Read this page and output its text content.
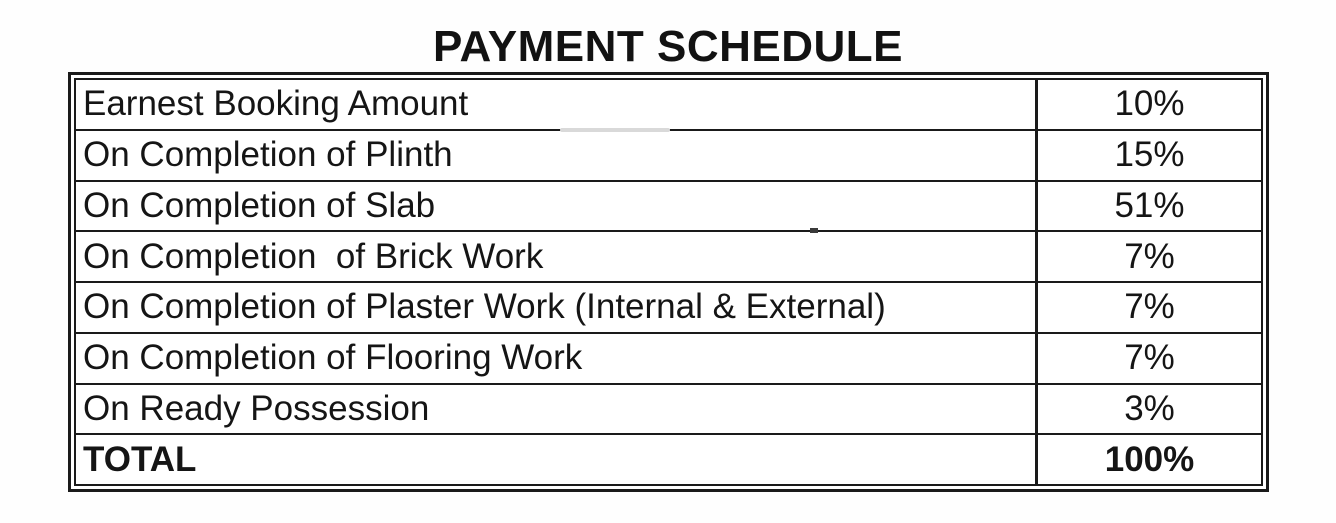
PAYMENT SCHEDULE
Earnest Booking Amount	10%
On Completion of Plinth	15%
On Completion of Slab	51%
On Completion  of Brick Work	7%
On Completion of Plaster Work (Internal & External)	7%
On Completion of Flooring Work	7%
On Ready Possession	3%
TOTAL	100%
